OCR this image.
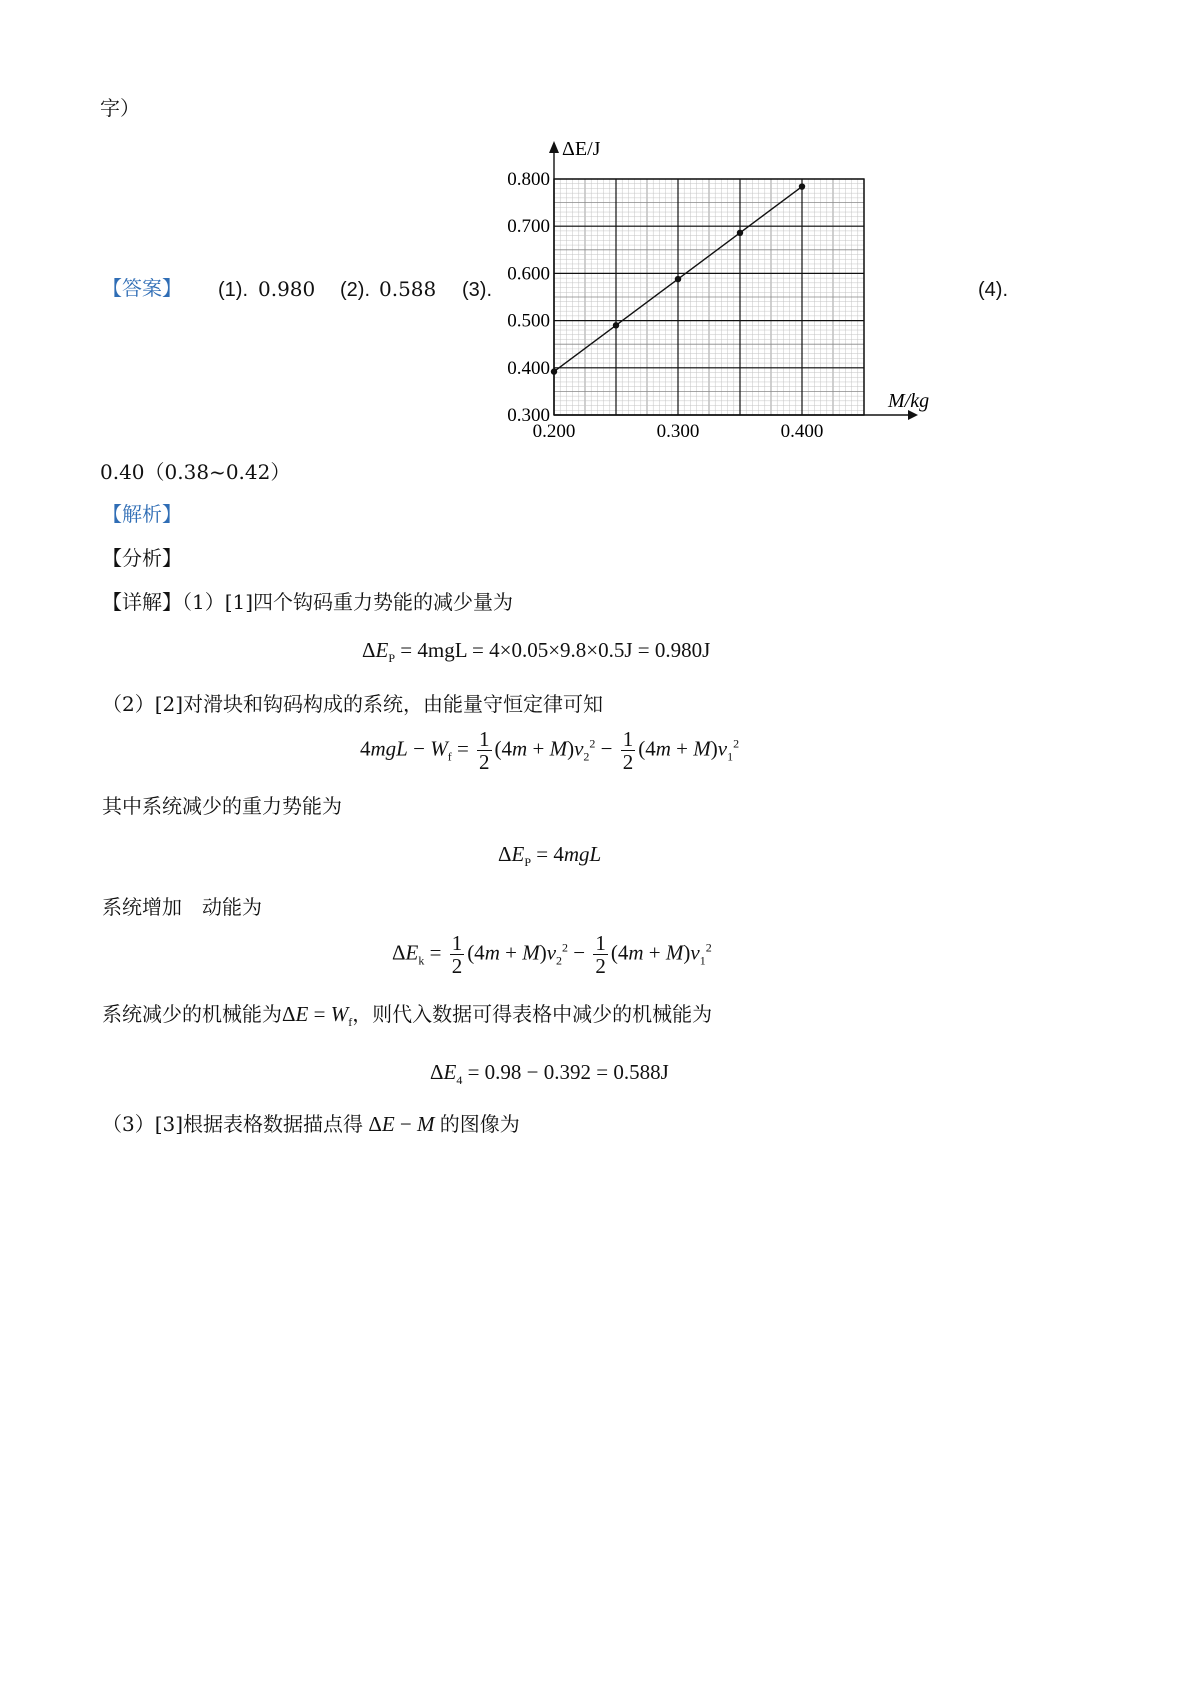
字）
【答案】 (1). 0.980 (2). 0.588 (3).	(4).
0.40（0.38~0.42）
0.200	0.300	0.400
0.300
0.400
0.500
0.600
0.700
0.800
ΔE/J
M/kg
【解析】
【分析】
【详解】（1）[1]四个钩码重力势能的减少量为
$\Delta E_P = 4mgL = 4\times 0.05\times 9.8\times 0.5J = 0.980J$
（2）[2]对滑块和钩码构成的系统，由能量守恒定律可知
$4mgL - W_f = \frac{1}{2} (4m + M)v_2^2 - \frac{1}{2} (4m + M)v_1^2$
其中系统减少的重力势能为
$\Delta E_P = 4mgL$
系统增加　动能为
$\Delta E_k = \frac{1}{2} (4m + M)v_2^2 - \frac{1}{2} (4m + M)v_1^2$
系统减少的机械能为$\Delta E = W_f$，则代入数据可得表格中减少的机械能为
$\Delta E_4 = 0.98 - 0.392 = 0.588J$
（3）[3]根据表格数据描点得 ΔE − M 的图像为
